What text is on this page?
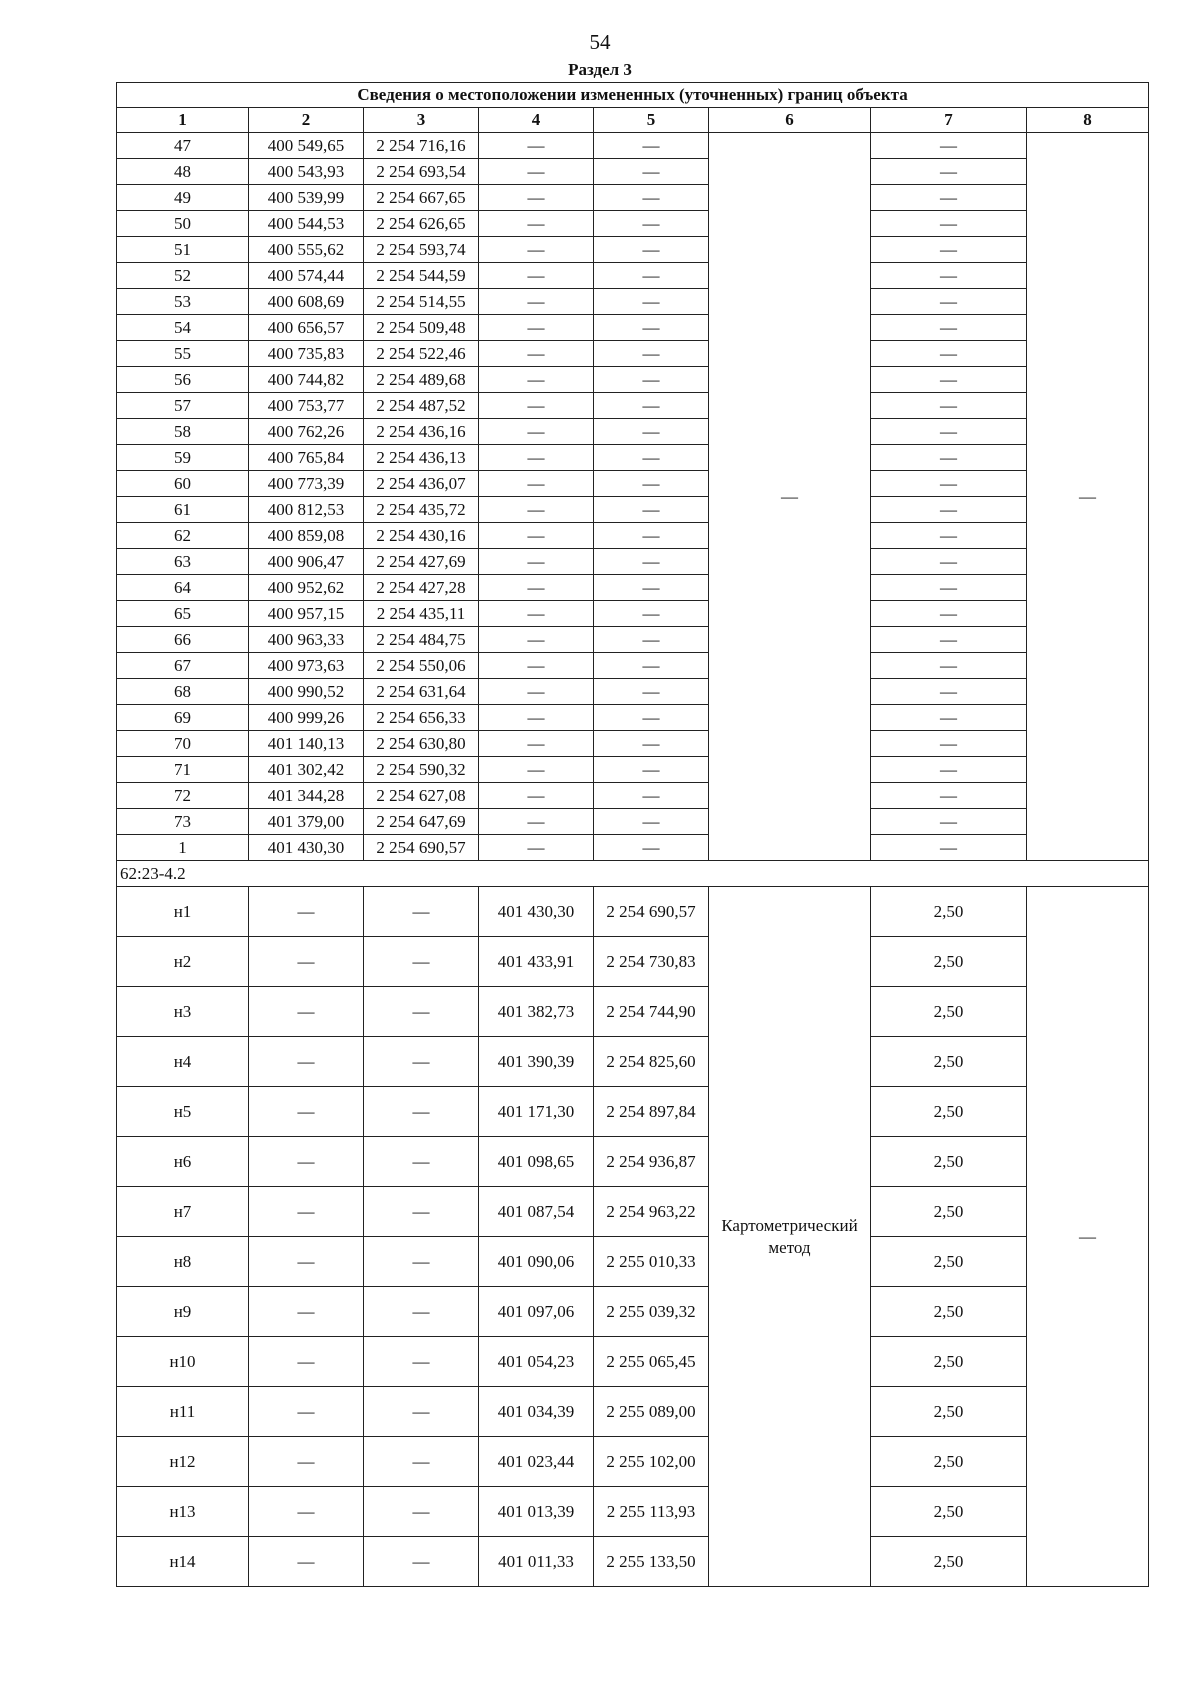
54
Раздел 3
Сведения о местоположении измененных (уточненных) границ объекта							
1	2	3	4	5	6	7	8
47	400 549,65	2 254 716,16	—	—	—	—	—
48	400 543,93	2 254 693,54	—	—		—	
49	400 539,99	2 254 667,65	—	—		—	
50	400 544,53	2 254 626,65	—	—		—	
51	400 555,62	2 254 593,74	—	—		—	
52	400 574,44	2 254 544,59	—	—		—	
53	400 608,69	2 254 514,55	—	—		—	
54	400 656,57	2 254 509,48	—	—		—	
55	400 735,83	2 254 522,46	—	—		—	
56	400 744,82	2 254 489,68	—	—		—	
57	400 753,77	2 254 487,52	—	—		—	
58	400 762,26	2 254 436,16	—	—		—	
59	400 765,84	2 254 436,13	—	—		—	
60	400 773,39	2 254 436,07	—	—		—	
61	400 812,53	2 254 435,72	—	—		—	
62	400 859,08	2 254 430,16	—	—		—	
63	400 906,47	2 254 427,69	—	—		—	
64	400 952,62	2 254 427,28	—	—		—	
65	400 957,15	2 254 435,11	—	—		—	
66	400 963,33	2 254 484,75	—	—		—	
67	400 973,63	2 254 550,06	—	—		—	
68	400 990,52	2 254 631,64	—	—		—	
69	400 999,26	2 254 656,33	—	—		—	
70	401 140,13	2 254 630,80	—	—		—	
71	401 302,42	2 254 590,32	—	—		—	
72	401 344,28	2 254 627,08	—	—		—	
73	401 379,00	2 254 647,69	—	—		—	
1	401 430,30	2 254 690,57	—	—		—	
62:23-4.2							
н1	—	—	401 430,30	2 254 690,57	Картометрический метод	2,50	—
н2	—	—	401 433,91	2 254 730,83		2,50	
н3	—	—	401 382,73	2 254 744,90		2,50	
н4	—	—	401 390,39	2 254 825,60		2,50	
н5	—	—	401 171,30	2 254 897,84		2,50	
н6	—	—	401 098,65	2 254 936,87		2,50	
н7	—	—	401 087,54	2 254 963,22		2,50	
н8	—	—	401 090,06	2 255 010,33		2,50	
н9	—	—	401 097,06	2 255 039,32		2,50	
н10	—	—	401 054,23	2 255 065,45		2,50	
н11	—	—	401 034,39	2 255 089,00		2,50	
н12	—	—	401 023,44	2 255 102,00		2,50	
н13	—	—	401 013,39	2 255 113,93		2,50	
н14	—	—	401 011,33	2 255 133,50		2,50	
